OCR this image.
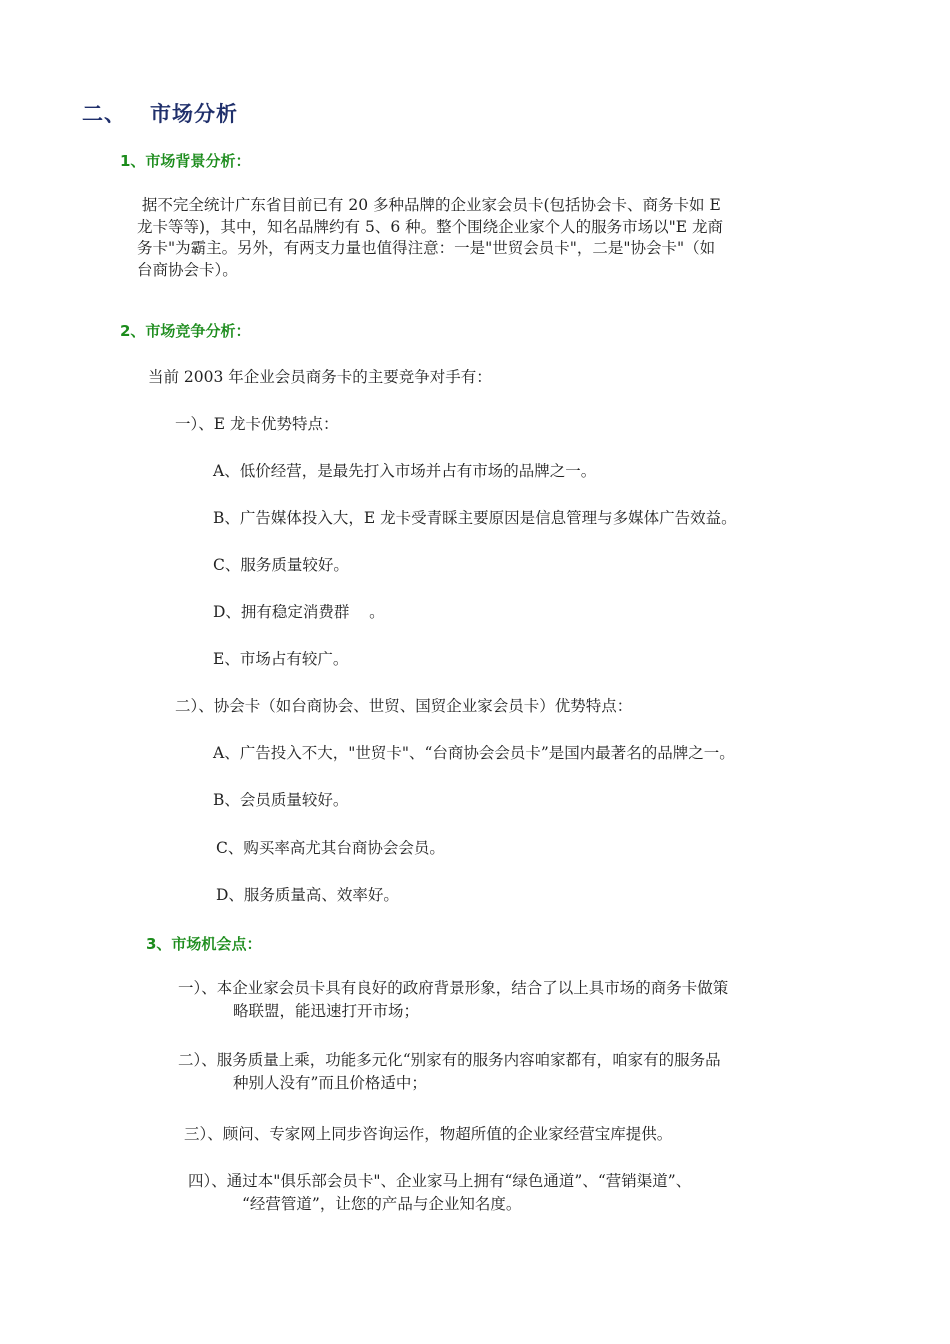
二、 市场分析
1、市场背景分析：
据不完全统计广东省目前已有 20 多种品牌的企业家会员卡(包括协会卡、商务卡如 E
龙卡等等)，其中，知名品牌约有 5、6 种。整个围绕企业家个人的服务市场以"E 龙商
务卡"为霸主。另外，有两支力量也值得注意：一是"世贸会员卡"，二是"协会卡"（如
台商协会卡）。
2、市场竞争分析：

当前 2003 年企业会员商务卡的主要竞争对手有：

一）、E 龙卡优势特点：

A、低价经营，是最先打入市场并占有市场的品牌之一。

B、广告媒体投入大，E 龙卡受青睬主要原因是信息管理与多媒体广告效益。

C、服务质量较好。

D、拥有稳定消费群    。

E、市场占有较广。

二）、协会卡（如台商协会、世贸、国贸企业家会员卡）优势特点：

A、广告投入不大，"世贸卡"、“台商协会会员卡”是国内最著名的品牌之一。

B、会员质量较好。

C、购买率高尤其台商协会会员。

D、服务质量高、效率好。

3、市场机会点：
一）、本企业家会员卡具有良好的政府背景形象，结合了以上具市场的商务卡做策
略联盟，能迅速打开市场；
二）、服务质量上乘，功能多元化“别家有的服务内容咱家都有，咱家有的服务品
种别人没有”而且价格适中；
三）、顾问、专家网上同步咨询运作，物超所值的企业家经营宝库提供。
四）、通过本"俱乐部会员卡"、企业家马上拥有“绿色通道”、“营销渠道”、
“经营管道”，让您的产品与企业知名度。
